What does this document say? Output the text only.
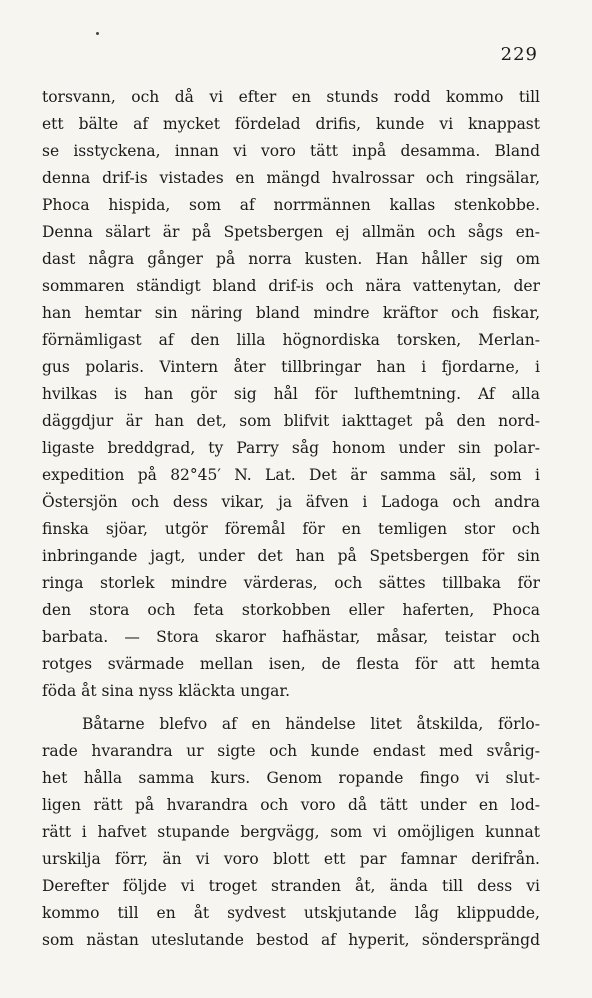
229
torsvann, och då vi efter en stunds rodd kommo till
ett bälte af mycket fördelad drifis, kunde vi knappast
se isstyckena, innan vi voro tätt inpå desamma. Bland
denna drif-is vistades en mängd hvalrossar och ringsälar,
Phoca hispida, som af norrmännen kallas stenkobbe.
Denna sälart är på Spetsbergen ej allmän och sågs en-
dast några gånger på norra kusten. Han håller sig om
sommaren ständigt bland drif-is och nära vattenytan, der
han hemtar sin näring bland mindre kräftor och fiskar,
förnämligast af den lilla högnordiska torsken, Merlan-
gus polaris. Vintern åter tillbringar han i fjordarne, i
hvilkas is han gör sig hål för lufthemtning. Af alla
däggdjur är han det, som blifvit iakttaget på den nord-
ligaste breddgrad, ty Parry såg honom under sin polar-
expedition på 82°45′ N. Lat. Det är samma säl, som i
Östersjön och dess vikar, ja äfven i Ladoga och andra
finska sjöar, utgör föremål för en temligen stor och
inbringande jagt, under det han på Spetsbergen för sin
ringa storlek mindre värderas, och sättes tillbaka för
den stora och feta storkobben eller haferten, Phoca
barbata. — Stora skaror hafhästar, måsar, teistar och
rotges svärmade mellan isen, de flesta för att hemta
föda åt sina nyss kläckta ungar.
Båtarne blefvo af en händelse litet åtskilda, förlo-
rade hvarandra ur sigte och kunde endast med svårig-
het hålla samma kurs. Genom ropande fingo vi slut-
ligen rätt på hvarandra och voro då tätt under en lod-
rätt i hafvet stupande bergvägg, som vi omöjligen kunnat
urskilja förr, än vi voro blott ett par famnar derifrån.
Derefter följde vi troget stranden åt, ända till dess vi
kommo till en åt sydvest utskjutande låg klippudde,
som nästan uteslutande bestod af hyperit, söndersprängd
